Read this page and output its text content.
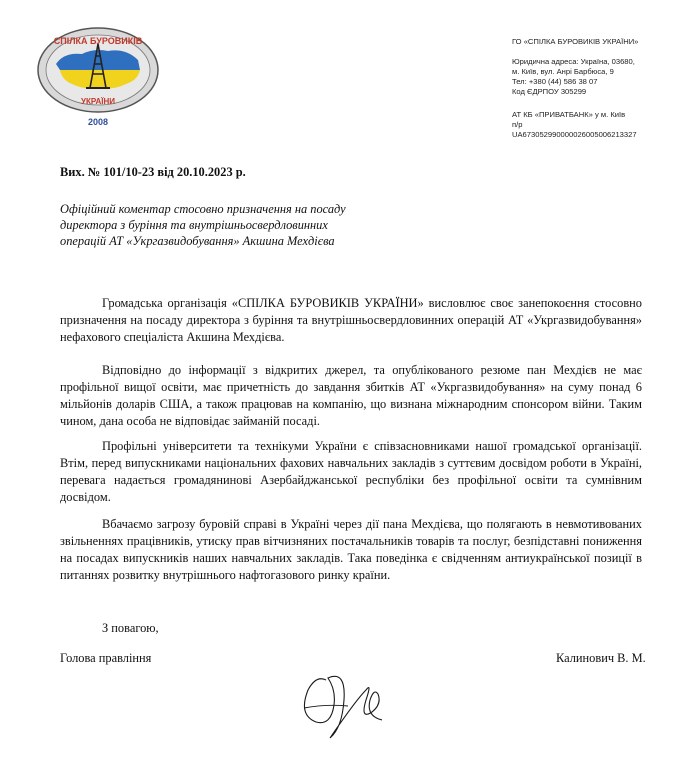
СПІЛКА БУРОВИКІВ
УКРАЇНИ
2008
ГО «СПІЛКА БУРОВИКІВ УКРАЇНИ»
Юридична адреса: Україна, 03680,
м. Київ, вул. Анрі Барбюса, 9
Тел: +380 (44) 586 38 07
Код ЄДРПОУ 305299
АТ КБ «ПРИВАТБАНК» у м. Київ
п/р
UA673052990000026005006213327
Вих. № 101/10-23 від 20.10.2023 р.
Офіційний коментар стосовно призначення на посаду
директора з буріння та внутрішньосвердловинних
операцій АТ «Укргазвидобування» Акшина Мехдієва
Громадська організація «СПІЛКА БУРОВИКІВ УКРАЇНИ» висловлює своє занепокоєння стосовно призначення на посаду директора з буріння та внутрішньосвердловинних операцій АТ «Укргазвидобування» нефахового спеціаліста Акшина Мехдієва.
Відповідно до інформації з відкритих джерел, та опублікованого резюме пан Мехдієв не має профільної вищої освіти, має причетність до завдання збитків АТ «Укргазвидобування» на суму понад 6 мільйонів доларів США, а також працював на компанію, що визнана міжнародним спонсором війни. Таким чином, дана особа не відповідає займаній посаді.
Профільні університети та технікуми України є співзасновниками нашої громадської організації. Втім, перед випускниками національних фахових навчальних закладів з суттєвим досвідом роботи в Україні, перевага надається громадянинові Азербайджанської республіки без профільної освіти та сумнівним досвідом.
Вбачаємо загрозу буровій справі в Україні через дії пана Мехдієва, що полягають в невмотивованих звільненнях працівників, утиску прав вітчизняних постачальників товарів та послуг, безпідставні пониження на посадах випускників наших навчальних закладів. Така поведінка є свідченням антиукраїнської позиції в питаннях розвитку внутрішнього нафтогазового ринку країни.
З повагою,
Голова правління	Калинович В. М.
